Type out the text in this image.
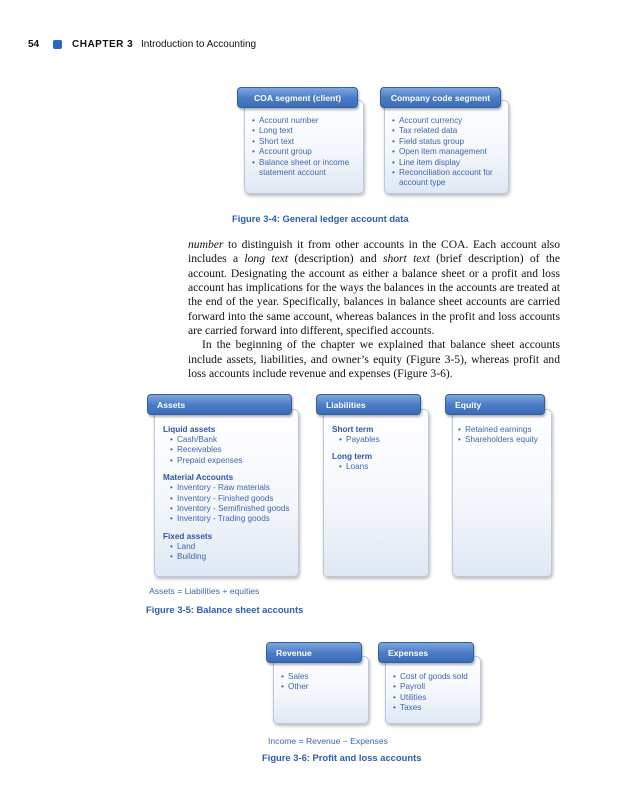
54	CHAPTER 3 Introduction to Accounting
• Account number
• Long text
• Short text
• Account group
• Balance sheet or income statement account
COA segment (client)
• Account currency
• Tax related data
• Field status group
• Open item management
• Line item display
• Reconciliation account for account type
Company code segment
Figure 3-4: General ledger account data

number to distinguish it from other accounts in the COA. Each account also includes a long text (description) and short text (brief description) of the account. Designating the account as either a balance sheet or a profit and loss account has implications for the ways the balances in the accounts are treated at the end of the year. Specifically, balances in balance sheet accounts are carried forward into the same account, whereas balances in the profit and loss accounts are carried forward into different, specified accounts.

In the beginning of the chapter we explained that balance sheet accounts include assets, liabilities, and owner’s equity (Figure 3-5), whereas profit and loss accounts include revenue and expenses (Figure 3-6).

Liquid assets
• Cash/Bank
• Receivables
• Prepaid expenses
Material Accounts
• Inventory - Raw materials
• Inventory - Finished goods
• Inventory - Semifinished goods
• Inventory - Trading goods
Fixed assets
• Land
• Building
Assets
Short term
• Payables
Long term
• Loans
Liabilities
• Retained earnings
• Shareholders equity
Equity
Assets = Liabilities + equities
Figure 3-5: Balance sheet accounts
• Sales
• Other
Revenue
• Cost of goods sold
• Payroll
• Utilities
• Taxes
Expenses
Income = Revenue − Expenses
Figure 3-6: Profit and loss accounts
